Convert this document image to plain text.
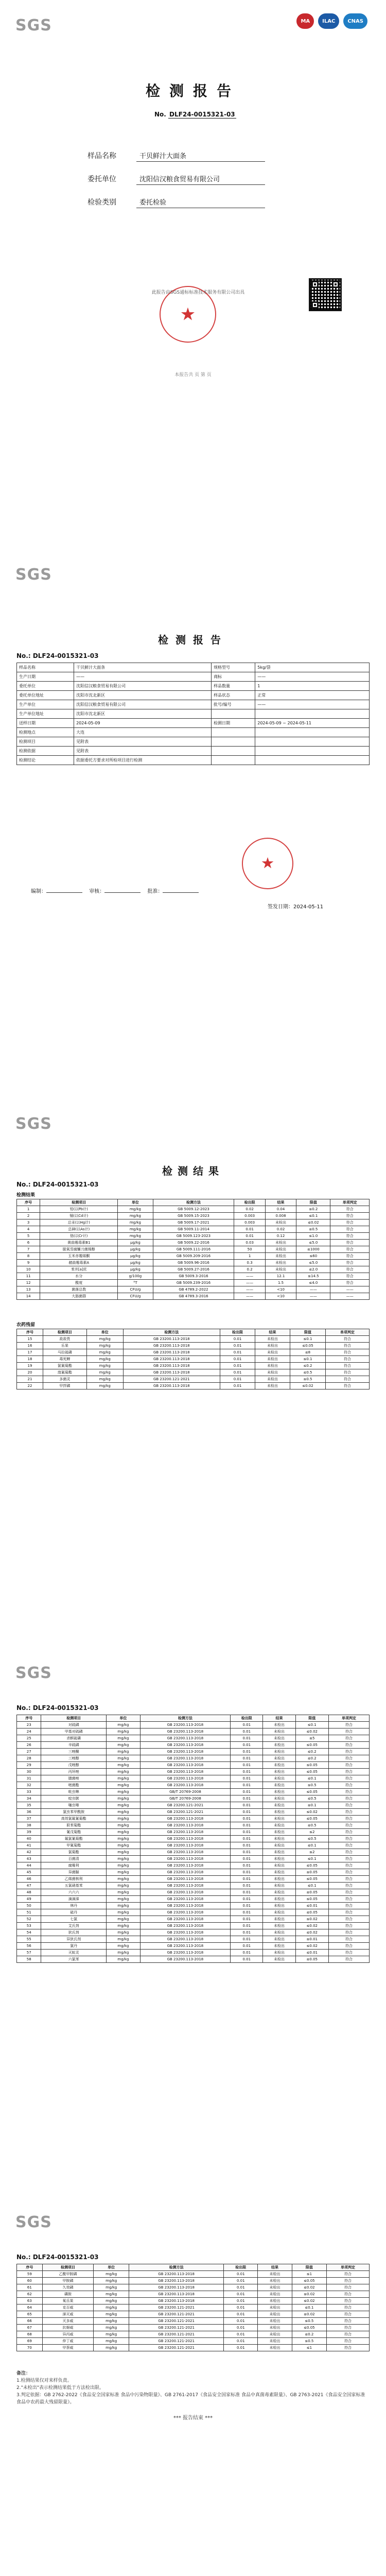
SGS	MA	ILAC	CNAS
检测报告
No. DLF24-0015321-03
样品名称	干贝鲜汁大面条
委托单位	沈阳信汉粮食贸易有限公司
检验类别	委托检验
★
此报告由SGS通标标准技术服务有限公司出具
本报告共 页 第 页
SGS
检测报告
No.: DLF24-0015321-03
样品名称	干贝鲜汁大面条	规格型号	5kg/袋
生产日期	——	商标	——
委托单位	沈阳信汉粮食贸易有限公司	样品数量	1
委托单位地址	沈阳市沈北新区	样品状态	正常
生产单位	沈阳信汉粮食贸易有限公司	批号/编号	——
生产单位地址	沈阳市沈北新区		
送样日期	2024-05-09	检测日期	2024-05-09 ~ 2024-05-11
检测地点	大连		
检测项目	见附表		
检测依据	见附表		
检测结论	依据委托方要求对所检项目进行检测		
★
编制： 　	审核： 　	批准：
签发日期：2024-05-11
SGS
检测结果
No.: DLF24-0015321-03
检测结果
序号	检测项目	单位	检测方法	检出限	结果	限值	单项判定
1	铅(以Pb计)	mg/kg	GB 5009.12-2023	0.02	0.04	≤0.2	符合
2	镉(以Cd计)	mg/kg	GB 5009.15-2023	0.003	0.008	≤0.1	符合
3	总汞(以Hg计)	mg/kg	GB 5009.17-2021	0.003	未检出	≤0.02	符合
4	总砷(以As计)	mg/kg	GB 5009.11-2014	0.01	0.02	≤0.5	符合
5	铬(以Cr计)	mg/kg	GB 5009.123-2023	0.01	0.12	≤1.0	符合
6	黄曲霉毒素B1	μg/kg	GB 5009.22-2016	0.03	未检出	≤5.0	符合
7	脱氧雪腐镰刀菌烯醇	μg/kg	GB 5009.111-2016	50	未检出	≤1000	符合
8	玉米赤霉烯酮	μg/kg	GB 5009.209-2016	1	未检出	≤60	符合
9	赭曲霉毒素A	μg/kg	GB 5009.96-2016	0.3	未检出	≤5.0	符合
10	苯并[a]芘	μg/kg	GB 5009.27-2016	0.2	未检出	≤2.0	符合
11	水分	g/100g	GB 5009.3-2016	——	12.1	≤14.5	符合
12	酸度	°T	GB 5009.239-2016	——	1.5	≤4.0	符合
13	菌落总数	CFU/g	GB 4789.2-2022	——	<10	——	——
14	大肠菌群	CFU/g	GB 4789.3-2016	——	<10	——	——
农药残留
序号	检测项目	单位	检测方法	检出限	结果	限值	单项判定
15	敌敌畏	mg/kg	GB 23200.113-2018	0.01	未检出	≤0.1	符合
16	乐果	mg/kg	GB 23200.113-2018	0.01	未检出	≤0.05	符合
17	马拉硫磷	mg/kg	GB 23200.113-2018	0.01	未检出	≤8	符合
18	毒死蜱	mg/kg	GB 23200.113-2018	0.01	未检出	≤0.1	符合
19	氯氰菊酯	mg/kg	GB 23200.113-2018	0.01	未检出	≤0.2	符合
20	溴氰菊酯	mg/kg	GB 23200.113-2018	0.01	未检出	≤0.5	符合
21	多菌灵	mg/kg	GB 23200.121-2021	0.01	未检出	≤0.5	符合
22	甲拌磷	mg/kg	GB 23200.113-2018	0.01	未检出	≤0.02	符合
SGS
No.: DLF24-0015321-03
序号	检测项目	单位	检测方法	检出限	结果	限值	单项判定
23	对硫磷	mg/kg	GB 23200.113-2018	0.01	未检出	≤0.1	符合
24	甲基对硫磷	mg/kg	GB 23200.113-2018	0.01	未检出	≤0.02	符合
25	杀螟硫磷	mg/kg	GB 23200.113-2018	0.01	未检出	≤5	符合
26	辛硫磷	mg/kg	GB 23200.113-2018	0.01	未检出	≤0.05	符合
27	三唑酮	mg/kg	GB 23200.113-2018	0.01	未检出	≤0.2	符合
28	三唑醇	mg/kg	GB 23200.113-2018	0.01	未检出	≤0.2	符合
29	戊唑醇	mg/kg	GB 23200.113-2018	0.01	未检出	≤0.05	符合
30	丙环唑	mg/kg	GB 23200.113-2018	0.01	未检出	≤0.05	符合
31	腈菌唑	mg/kg	GB 23200.113-2018	0.01	未检出	≤0.1	符合
32	嘧菌酯	mg/kg	GB 23200.113-2018	0.01	未检出	≤0.5	符合
33	吡虫啉	mg/kg	GB/T 20769-2008	0.01	未检出	≤0.05	符合
34	啶虫脒	mg/kg	GB/T 20769-2008	0.01	未检出	≤0.5	符合
35	噻虫嗪	mg/kg	GB 23200.121-2021	0.01	未检出	≤0.1	符合
36	氯虫苯甲酰胺	mg/kg	GB 23200.121-2021	0.01	未检出	≤0.02	符合
37	高效氯氟氰菊酯	mg/kg	GB 23200.113-2018	0.01	未检出	≤0.05	符合
38	联苯菊酯	mg/kg	GB 23200.113-2018	0.01	未检出	≤0.5	符合
39	氰戊菊酯	mg/kg	GB 23200.113-2018	0.01	未检出	≤2	符合
40	氟氯氰菊酯	mg/kg	GB 23200.113-2018	0.01	未检出	≤0.5	符合
41	甲氰菊酯	mg/kg	GB 23200.113-2018	0.01	未检出	≤0.1	符合
42	氯菊酯	mg/kg	GB 23200.113-2018	0.01	未检出	≤2	符合
43	百菌清	mg/kg	GB 23200.113-2018	0.01	未检出	≤0.1	符合
44	腐霉利	mg/kg	GB 23200.113-2018	0.01	未检出	≤0.05	符合
45	异菌脲	mg/kg	GB 23200.113-2018	0.01	未检出	≤0.05	符合
46	乙烯菌核利	mg/kg	GB 23200.113-2018	0.01	未检出	≤0.05	符合
47	五氯硝基苯	mg/kg	GB 23200.113-2018	0.01	未检出	≤0.1	符合
48	六六六	mg/kg	GB 23200.113-2018	0.01	未检出	≤0.05	符合
49	滴滴涕	mg/kg	GB 23200.113-2018	0.01	未检出	≤0.05	符合
50	林丹	mg/kg	GB 23200.113-2018	0.01	未检出	≤0.01	符合
51	硫丹	mg/kg	GB 23200.113-2018	0.01	未检出	≤0.05	符合
52	七氯	mg/kg	GB 23200.113-2018	0.01	未检出	≤0.02	符合
53	艾氏剂	mg/kg	GB 23200.113-2018	0.01	未检出	≤0.02	符合
54	狄氏剂	mg/kg	GB 23200.113-2018	0.01	未检出	≤0.02	符合
55	异狄氏剂	mg/kg	GB 23200.113-2018	0.01	未检出	≤0.01	符合
56	氯丹	mg/kg	GB 23200.113-2018	0.01	未检出	≤0.02	符合
57	灭蚁灵	mg/kg	GB 23200.113-2018	0.01	未检出	≤0.01	符合
58	六氯苯	mg/kg	GB 23200.113-2018	0.01	未检出	≤0.05	符合
SGS
No.: DLF24-0015321-03
序号	检测项目	单位	检测方法	检出限	结果	限值	单项判定
59	乙酰甲胺磷	mg/kg	GB 23200.113-2018	0.01	未检出	≤1	符合
60	甲胺磷	mg/kg	GB 23200.113-2018	0.01	未检出	≤0.05	符合
61	久效磷	mg/kg	GB 23200.113-2018	0.01	未检出	≤0.02	符合
62	磷胺	mg/kg	GB 23200.113-2018	0.01	未检出	≤0.02	符合
63	氧乐果	mg/kg	GB 23200.113-2018	0.01	未检出	≤0.02	符合
64	克百威	mg/kg	GB 23200.121-2021	0.01	未检出	≤0.1	符合
65	涕灭威	mg/kg	GB 23200.121-2021	0.01	未检出	≤0.02	符合
66	灭多威	mg/kg	GB 23200.121-2021	0.01	未检出	≤0.5	符合
67	抗蚜威	mg/kg	GB 23200.121-2021	0.01	未检出	≤0.05	符合
68	异丙威	mg/kg	GB 23200.121-2021	0.01	未检出	≤0.2	符合
69	仲丁威	mg/kg	GB 23200.121-2021	0.01	未检出	≤0.5	符合
70	甲萘威	mg/kg	GB 23200.121-2021	0.01	未检出	≤1	符合
备注：
1.检测结果仅对来样负责。
2."未检出"表示检测结果低于方法检出限。
3.判定依据：GB 2762-2022《食品安全国家标准 食品中污染物限量》、GB 2761-2017《食品安全国家标准 食品中真菌毒素限量》、GB 2763-2021《食品安全国家标准 食品中农药最大残留限量》。
*** 报告结束 ***
